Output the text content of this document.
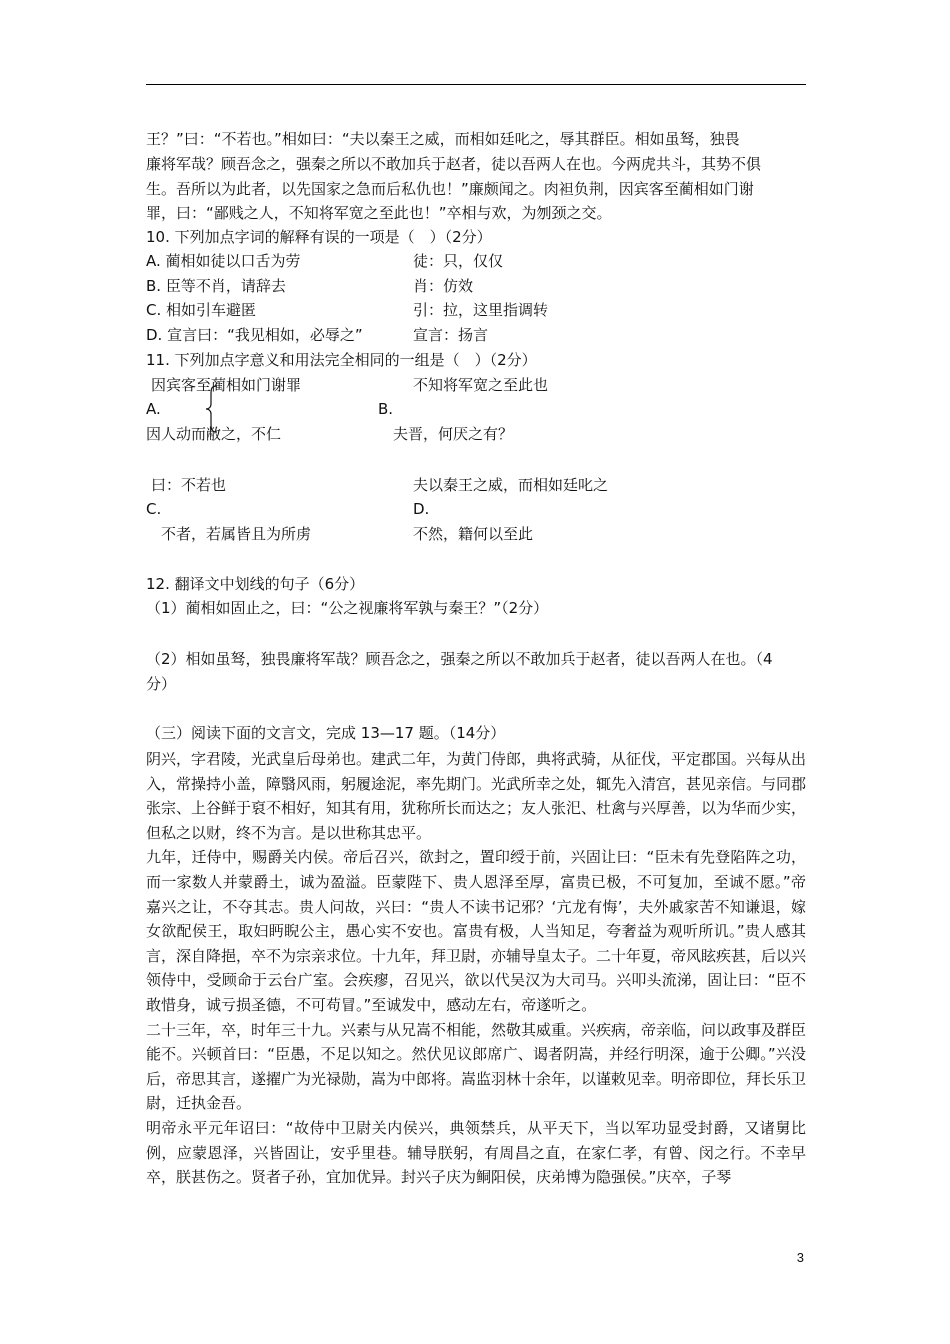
王？”曰：“不若也。”相如曰：“夫以秦王之威，而相如廷叱之，辱其群臣。相如虽驽，独畏
廉将军哉？顾吾念之，强秦之所以不敢加兵于赵者，徒以吾两人在也。今两虎共斗，其势不俱
生。吾所以为此者，以先国家之急而后私仇也！”廉颇闻之。肉袒负荆，因宾客至蔺相如门谢
罪，曰：“鄙贱之人，不知将军宽之至此也！”卒相与欢，为刎颈之交。
10. 下列加点字词的解释有误的一项是（　）（2分）
A. 蔺相如徒以口舌为劳	徒：只，仅仅
B. 臣等不肖，请辞去	肖：仿效
C. 相如引车避匿	引：拉，这里指调转
D. 宣言曰：“我见相如，必辱之”	宣言：扬言
11. 下列加点字意义和用法完全相同的一组是（　）（2分）
因宾客至蔺相如门谢罪
A.
因人动而敝之，不仁
不知将军宽之至此也
B.
夫晋，何厌之有？
曰：不若也
C.
不者，若属皆且为所虏
夫以秦王之威，而相如廷叱之
D.
不然，籍何以至此
12. 翻译文中划线的句子（6分）
（1）蔺相如固止之，曰：“公之视廉将军孰与秦王？”（2分）
（2）相如虽驽，独畏廉将军哉？顾吾念之，强秦之所以不敢加兵于赵者，徒以吾两人在也。（4
分）
（三）阅读下面的文言文，完成 13—17 题。（14分）

阴兴，字君陵，光武皇后母弟也。建武二年，为黄门侍郎，典将武骑，从征伐，平定郡国。兴每从出入，常操持小盖，障翳风雨，躬履途泥，率先期门。光武所幸之处，辄先入清宫，甚见亲信。与同郡张宗、上谷鲜于裒不相好，知其有用，犹称所长而达之；友人张汜、杜禽与兴厚善，以为华而少实，但私之以财，终不为言。是以世称其忠平。

九年，迁侍中，赐爵关内侯。帝后召兴，欲封之，置印绶于前，兴固让曰：“臣未有先登陷阵之功，而一家数人并蒙爵土，诚为盈溢。臣蒙陛下、贵人恩泽至厚，富贵已极，不可复加，至诚不愿。”帝嘉兴之让，不夺其志。贵人问故，兴曰：“贵人不读书记邪？‘亢龙有悔’，夫外戚家苦不知谦退，嫁女欲配侯王，取妇眄睨公主，愚心实不安也。富贵有极，人当知足，夸奢益为观听所讥。”贵人感其言，深自降挹，卒不为宗亲求位。十九年，拜卫尉，亦辅导皇太子。二十年夏，帝风眩疾甚，后以兴领侍中，受顾命于云台广室。会疾瘳，召见兴，欲以代吴汉为大司马。兴叩头流涕，固让曰：“臣不敢惜身，诚亏损圣德，不可苟冒。”至诚发中，感动左右，帝遂听之。

二十三年，卒，时年三十九。兴素与从兄嵩不相能，然敬其威重。兴疾病，帝亲临，问以政事及群臣能不。兴顿首曰：“臣愚，不足以知之。然伏见议郎席广、谒者阴嵩，并经行明深，逾于公卿。”兴没后，帝思其言，遂擢广为光禄勋，嵩为中郎将。嵩监羽林十余年，以谨敕见幸。明帝即位，拜长乐卫尉，迁执金吾。

明帝永平元年诏曰：“故侍中卫尉关内侯兴，典领禁兵，从平天下，当以军功显受封爵，又诸舅比例，应蒙恩泽，兴皆固让，安乎里巷。辅导朕躬，有周昌之直，在家仁孝，有曾、闵之行。不幸早卒，朕甚伤之。贤者子孙，宜加优异。封兴子庆为鲖阳侯，庆弟博为隐强侯。”庆卒，子琴

3
